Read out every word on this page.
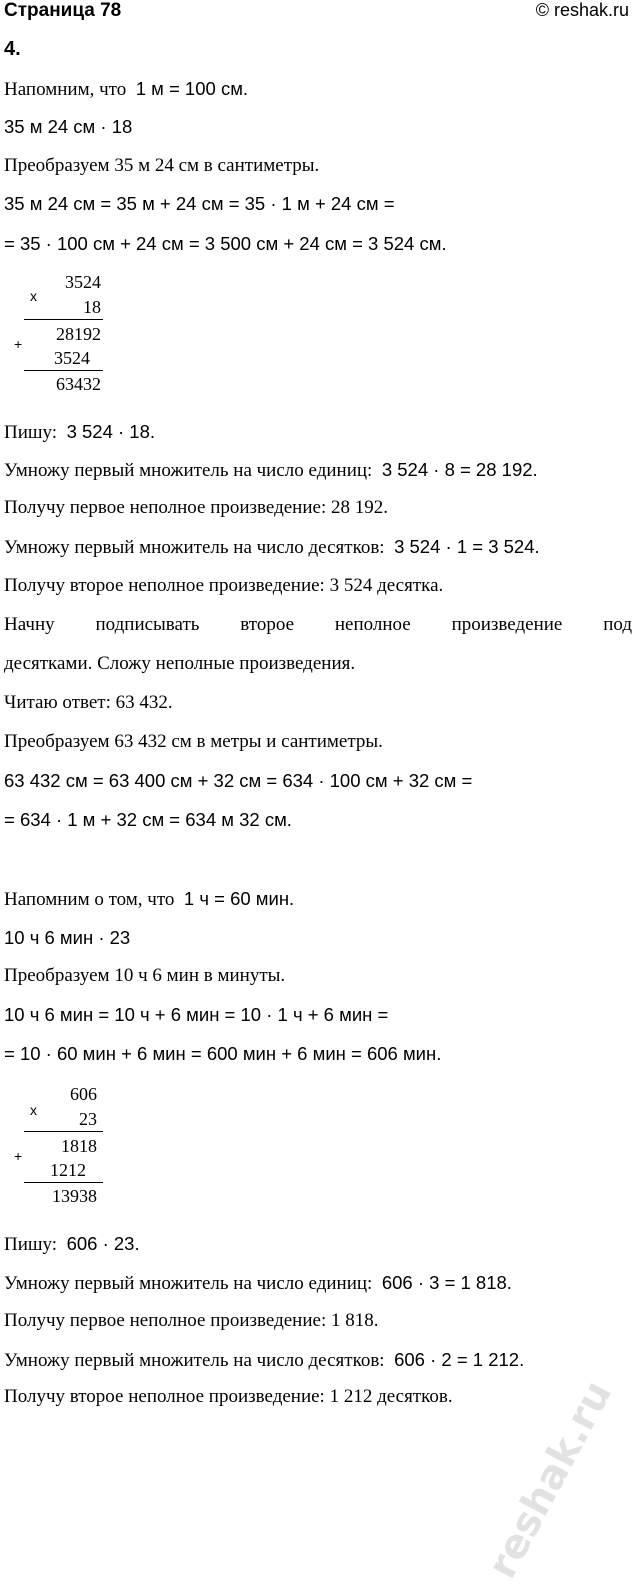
Страница 78	© reshak.ru
4.
Напомним, что 1 м = 100 см.
35 м 24 см · 18
Преобразуем 35 м 24 см в сантиметры.
35 м 24 см = 35 м + 24 см = 35 · 1 м + 24 см =
= 35 · 100 см + 24 см = 3 500 см + 24 см = 3 524 см.
x
3524
18
+ 28192
3524
63432
Пишу: 3 524 · 18.
Умножу первый множитель на число единиц: 3 524 · 8 = 28 192.
Получу первое неполное произведение: 28 192.
Умножу первый множитель на число десятков: 3 524 · 1 = 3 524.
Получу второе неполное произведение: 3 524 десятка.
Начну подписывать второе неполное произведение под
десятками. Сложу неполные произведения.
Читаю ответ: 63 432.
Преобразуем 63 432 см в метры и сантиметры.
63 432 см = 63 400 см + 32 см = 634 · 100 см + 32 см =
= 634 · 1 м + 32 см = 634 м 32 см.
Напомним о том, что 1 ч = 60 мин.
10 ч 6 мин · 23
Преобразуем 10 ч 6 мин в минуты.
10 ч 6 мин = 10 ч + 6 мин = 10 · 1 ч + 6 мин =
= 10 · 60 мин + 6 мин = 600 мин + 6 мин = 606 мин.
x
606
23
+ 1818
1212
13938
Пишу: 606 · 23.
Умножу первый множитель на число единиц: 606 · 3 = 1 818.
Получу первое неполное произведение: 1 818.
Умножу первый множитель на число десятков: 606 · 2 = 1 212.
Получу второе неполное произведение: 1 212 десятков. reshak.ru
